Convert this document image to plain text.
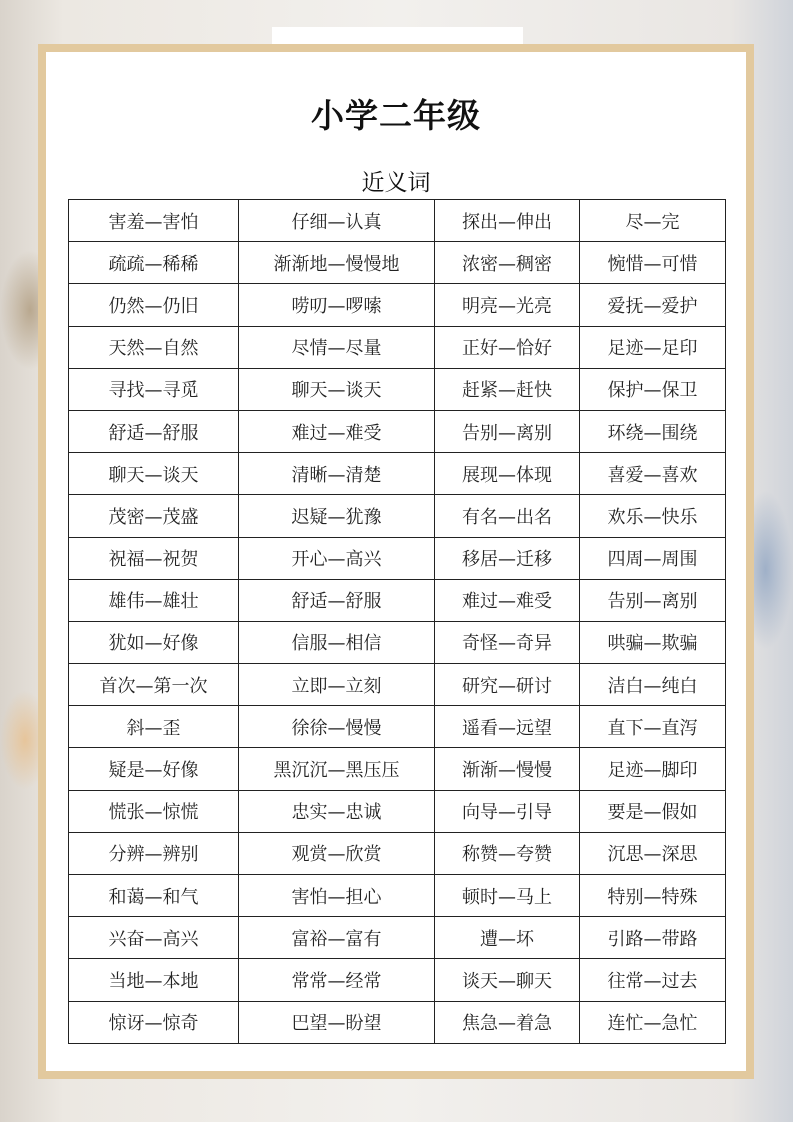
小学二年级
近义词
害羞—害怕	仔细—认真	探出—伸出	尽—完
疏疏—稀稀	渐渐地—慢慢地	浓密—稠密	惋惜—可惜
仍然—仍旧	唠叨—啰嗦	明亮—光亮	爱抚—爱护
天然—自然	尽情—尽量	正好—恰好	足迹—足印
寻找—寻觅	聊天—谈天	赶紧—赶快	保护—保卫
舒适—舒服	难过—难受	告别—离别	环绕—围绕
聊天—谈天	清晰—清楚	展现—体现	喜爱—喜欢
茂密—茂盛	迟疑—犹豫	有名—出名	欢乐—快乐
祝福—祝贺	开心—高兴	移居—迁移	四周—周围
雄伟—雄壮	舒适—舒服	难过—难受	告别—离别
犹如—好像	信服—相信	奇怪—奇异	哄骗—欺骗
首次—第一次	立即—立刻	研究—研讨	洁白—纯白
斜—歪	徐徐—慢慢	遥看—远望	直下—直泻
疑是—好像	黑沉沉—黑压压	渐渐—慢慢	足迹—脚印
慌张—惊慌	忠实—忠诚	向导—引导	要是—假如
分辨—辨别	观赏—欣赏	称赞—夸赞	沉思—深思
和蔼—和气	害怕—担心	顿时—马上	特别—特殊
兴奋—高兴	富裕—富有	遭—坏	引路—带路
当地—本地	常常—经常	谈天—聊天	往常—过去
惊讶—惊奇	巴望—盼望	焦急—着急	连忙—急忙
